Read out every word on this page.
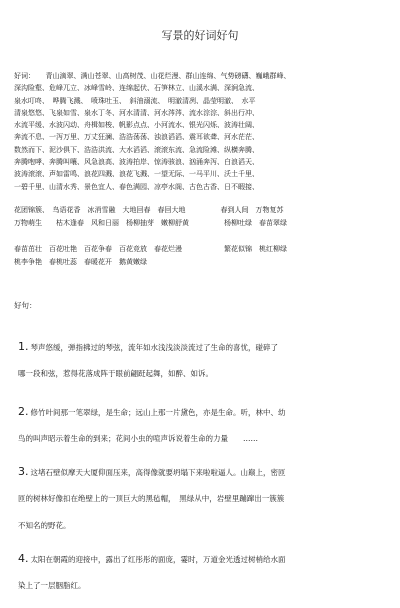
写景的好词好句
好词：　　青山滴翠、满山苍翠、山高树茂、山花烂漫、群山连绵、气势磅礴、巍峨群峰、
深沟险壑、危峰兀立、冰峰雪岭、连绵起伏、石笋林立、山溪水满、深涧急流、
泉水叮咚、　哗腾飞溅、　喷珠吐玉、　斜油溺流、　明澈清冽、晶莹明澈、　水平
清泉悠悠、飞泉如雪、泉水丁冬、河水清清、河水涔涔、流水淙淙、斜出行冲、
水流平缓、水波闪动、舟楫如梭、帆影点点、小河流水、银光闪烁、波涛壮阔、
奔流不息、一泻万里、万丈狂澜、浩浩荡荡、浊浪滔滔、震耳欲聋、河水茫茫、
数然而下、泥沙俱下、浩浩洪流、大水滔滔、滚滚东流、急流险滩、纵横奔腾、
奔腾咆哮、奔腾叫嚷、风急浪高、波涛拍岸、惊涛骇浪、汹涌奔泻、白浪滔天、
波涛滚滚、声如雷鸣、浪花四溅、浪花飞溅、一望无际、一马平川、沃土千里、
一碧千里、山清水秀、景色宜人、春色满园、凉亭水阁、古色古香、日不暇接、
花团锦簇、　鸟语花香　冰消雪融　大地回春　春回大地　　　　　春到人间　万物复苏
万物萌生　　枯木逢春　风和日丽　杨柳抽芽　嫩柳舒黄　　　　　杨柳吐绿　春苗翠绿
春苗茁壮　百花吐艳　百花争春　百花竞放　春花烂漫　　　　　　繁花似锦　桃红柳绿
桃李争艳　春桃吐蕊　春暖花开　鹅黄嫩绿
好句：
1. 琴声悠缓，弹指拂过的琴弦，流年如水浅浅淡淡流过了生命的喜忧，碰碎了
哪一段和弦，惹得花落成阵于眼前翩跹起舞，如醉、如诉。
2. 修竹叶间那一笔翠绿，是生命；远山上那一片黛色，亦是生命。听，林中、幼
鸟的叫声昭示着生命的到来；花间小虫的喧声诉说着生命的力量　　……
3. 这堵石壁似摩天大厦仰面压来，高得像就要坍塌下来啦啦逼人。山巅上，密匝
匝的树林好像扣在绝壁上的一顶巨大的黑毡帽，　黑绿从中，岩壁里蹦蹿出一簇簇
不知名的野花。
4. 太阳在朝霞的迎接中，露出了红彤彤的面庞，霎时，万道金光透过树梢给水面
染上了一层胭脂红。
